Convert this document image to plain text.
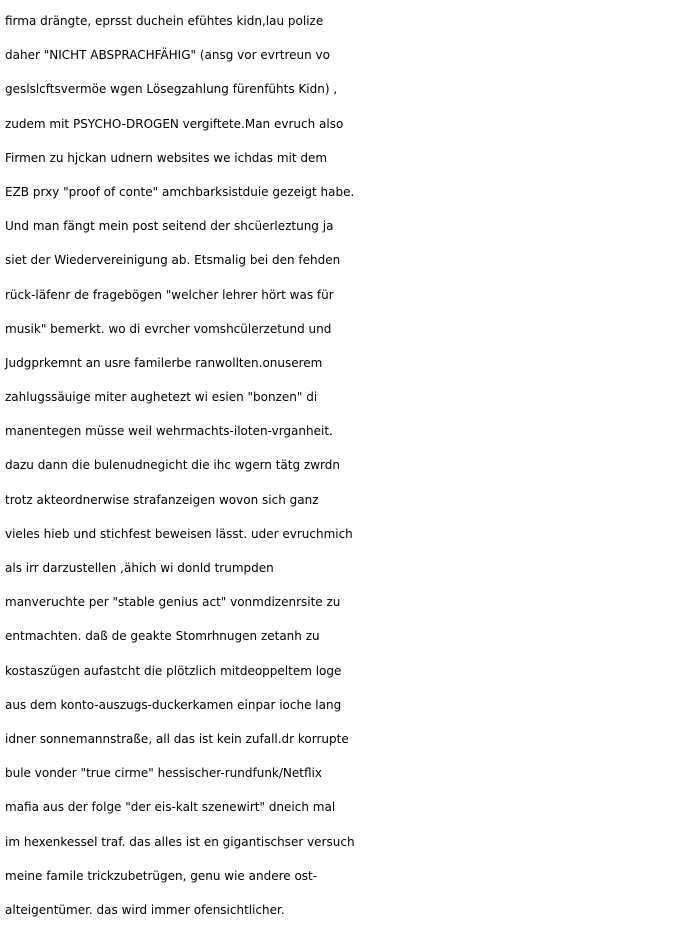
firma drängte, eprsst duchein efühtes kidn,lau polize
daher "NICHT ABSPRACHFÄHIG" (ansg vor evrtreun vo
geslslcftsvermöe wgen Lösegzahlung fürenfühts Kidn) ,
zudem mit PSYCHO-DROGEN vergiftete.Man evruch also
Firmen zu hjckan udnern websites we ichdas mit dem
EZB prxy "proof of conte" amchbarksistduie gezeigt habe.
Und man fängt mein post seitend der shcüerleztung ja
siet der Wiedervereinigung ab. Etsmalig bei den fehden
rück-läfenr de fragebögen "welcher lehrer hört was für
musik" bemerkt. wo di evrcher vomshcülerzetund und
Judgprkemnt an usre familerbe ranwollten.onuserem
zahlugssäuige miter aughetezt wi esien "bonzen" di
manentegen müsse weil wehrmachts-iloten-vrganheit.
dazu dann die bulenudnegicht die ihc wgern tätg zwrdn
trotz akteordnerwise strafanzeigen wovon sich ganz
vieles hieb und stichfest beweisen lässt. uder evruchmich
als irr darzustellen ,ähich wi donld trumpden
manveruchte per "stable genius act" vonmdizenrsite zu
entmachten. daß de geakte Stomrhnugen zetanh zu
kostaszügen aufastcht die plötzlich mitdeoppeltem loge
aus dem konto-auszugs-duckerkamen einpar ioche lang
idner sonnemannstraße, all das ist kein zufall.dr korrupte
bule vonder "true cirme" hessischer-rundfunk/Netflix
mafia aus der folge "der eis-kalt szenewirt" dneich mal
im hexenkessel traf. das alles ist en gigantischser versuch
meine famile trickzubetrügen, genu wie andere ost-
alteigentümer. das wird immer ofensichtlicher.
